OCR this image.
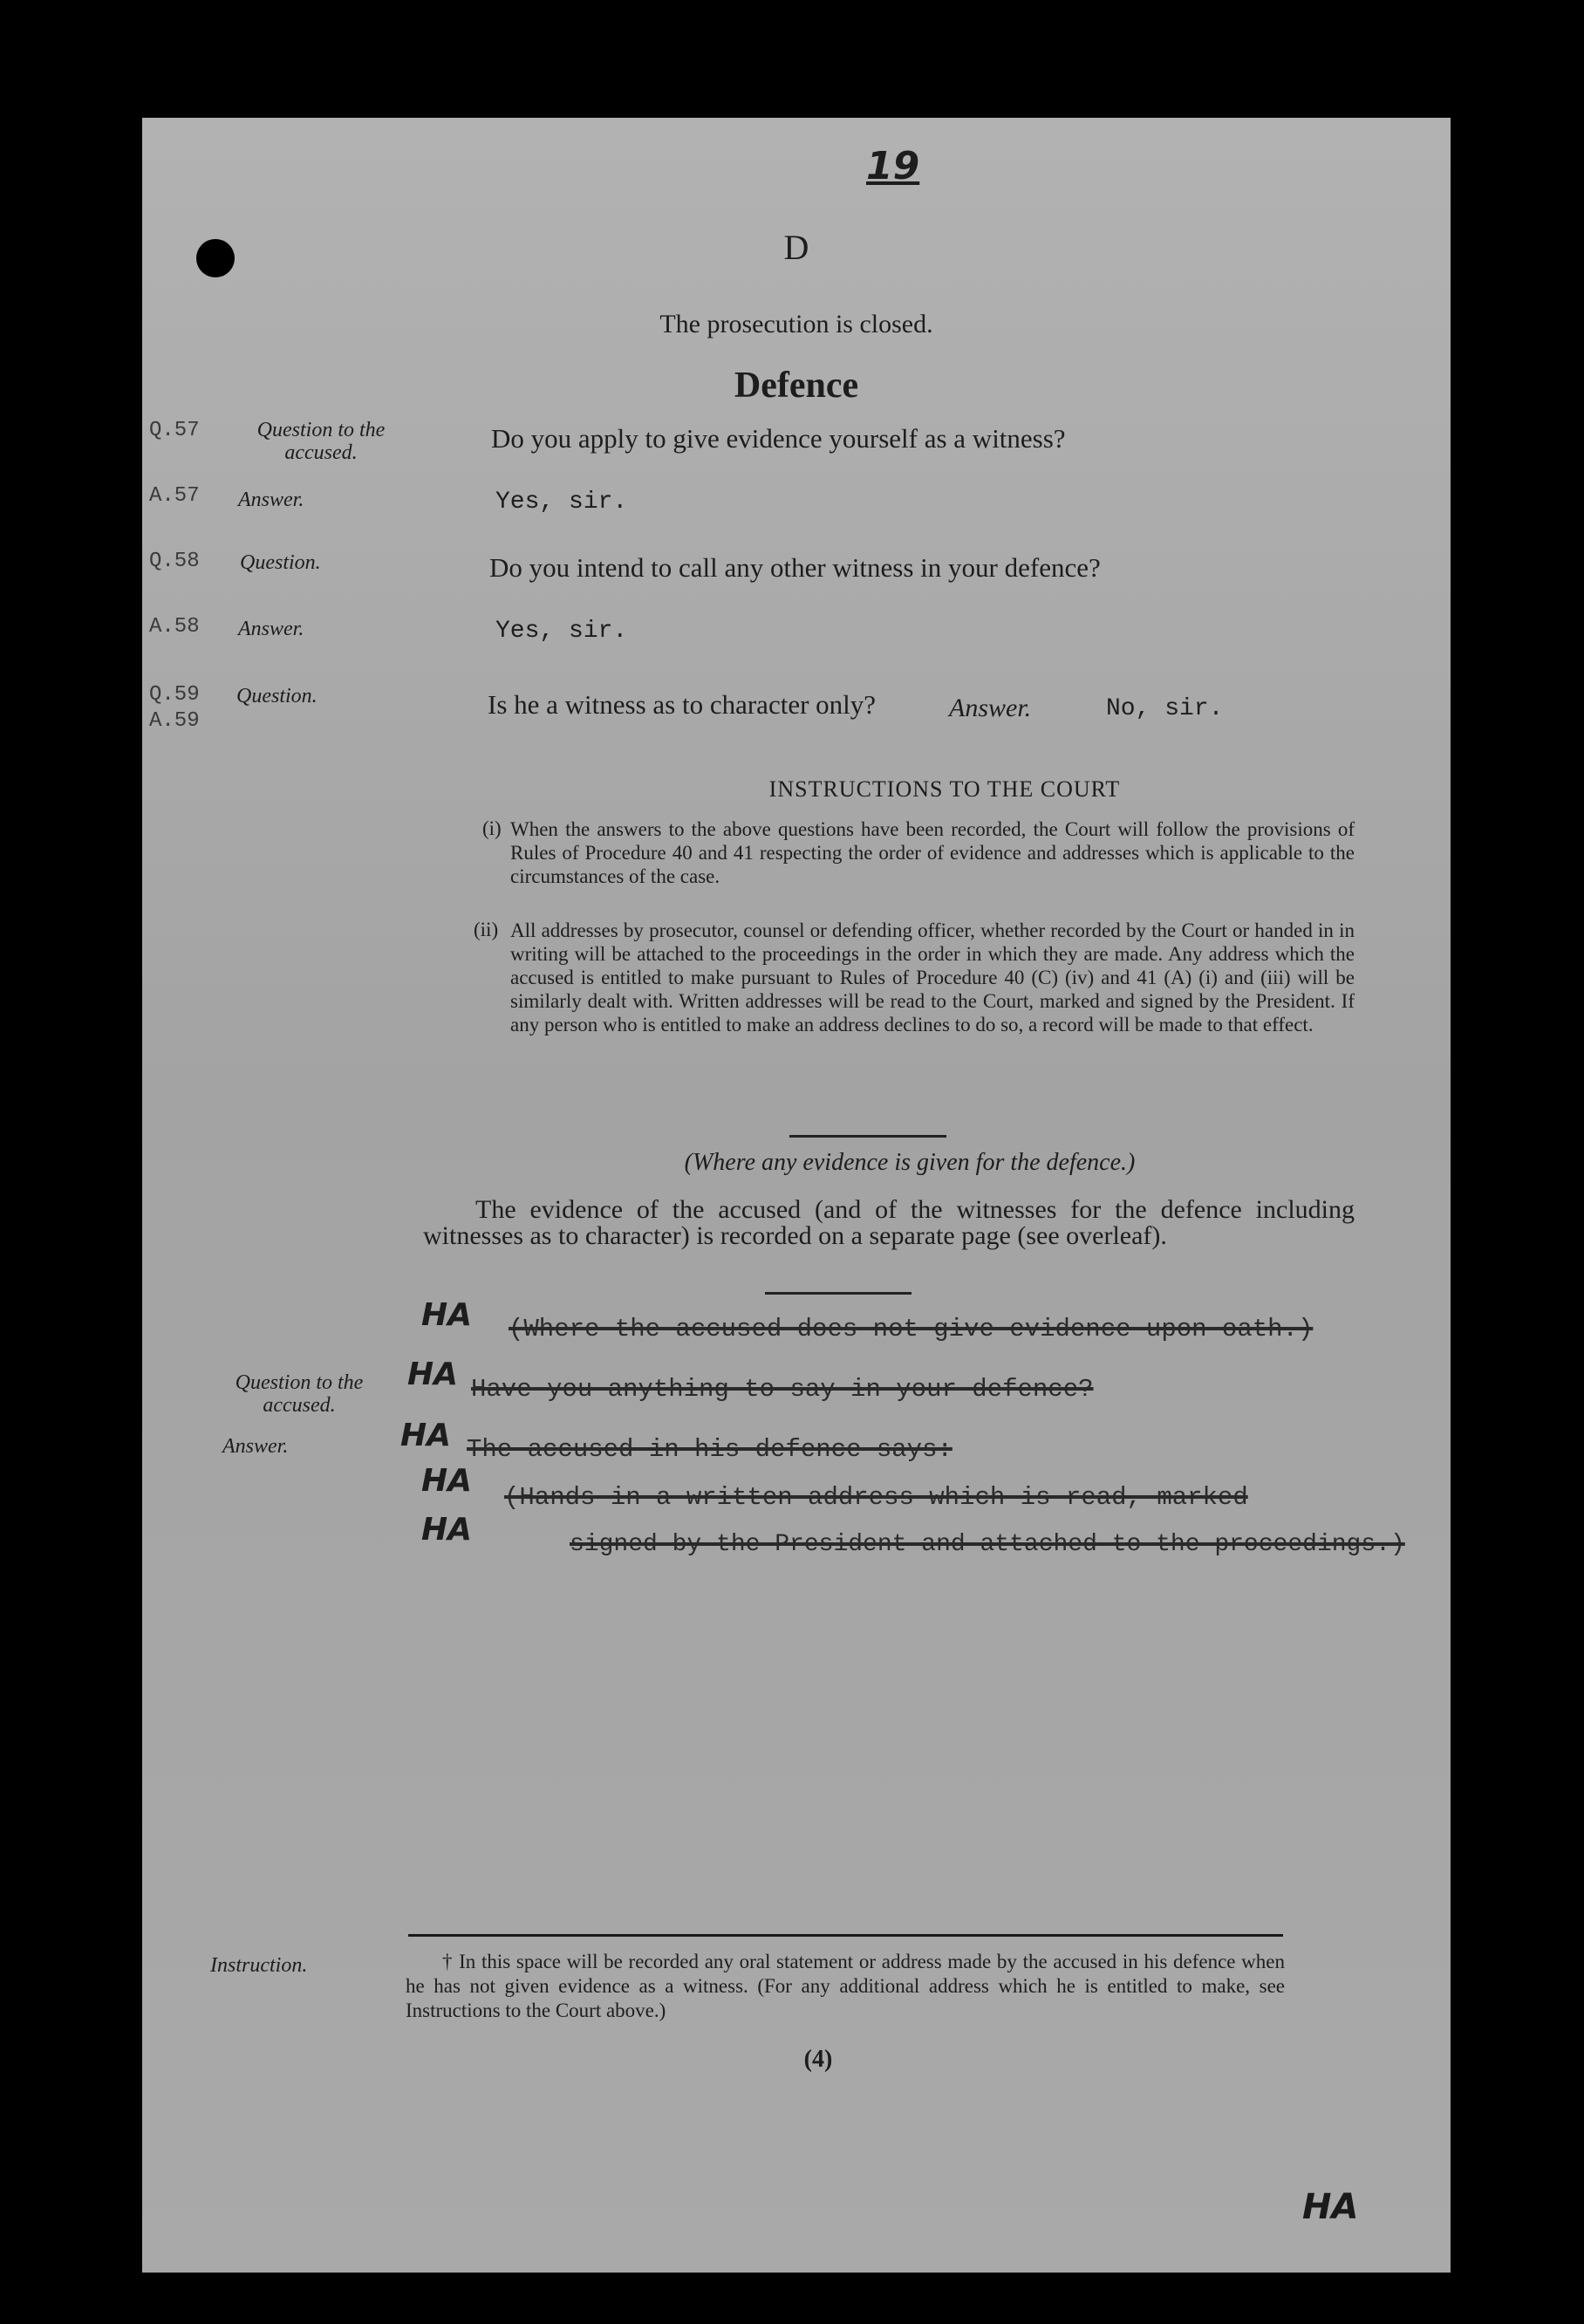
19
D
The prosecution is closed.
Defence
Q.57	Question to the accused.	Do you apply to give evidence yourself as a witness?
A.57 Answer.	Yes, sir.
Q.58 Question.	Do you intend to call any other witness in your defence?
A.58 Answer.	Yes, sir.
Q.59
A.59
Question.	Is he a witness as to character only?	Answer.	No, sir.
INSTRUCTIONS TO THE COURT
(i) When the answers to the above questions have been recorded, the Court will follow the provisions of Rules of Procedure 40 and 41 respecting the order of evidence and addresses which is applicable to the circumstances of the case.

(ii) All addresses by prosecutor, counsel or defending officer, whether recorded by the Court or handed in in writing will be attached to the proceedings in the order in which they are made. Any address which the accused is entitled to make pursuant to Rules of Procedure 40 (C) (iv) and 41 (A) (i) and (iii) will be similarly dealt with. Written addresses will be read to the Court, marked and signed by the President. If any person who is entitled to make an address declines to do so, a record will be made to that effect.

(Where any evidence is given for the defence.)
The evidence of the accused (and of the witnesses for the defence including witnesses as to character) is recorded on a separate page (see overleaf).
HA (Where the accused does not give evidence upon oath.)
Question to the accused.
HA Have you anything to say in your defence?
Answer.	HA The accused in his defence says:
HA (Hands in a written address which is read, marked
HA	signed by the President and attached to the proceedings.)
Instruction.	† In this space will be recorded any oral statement or address made by the accused in his defence when he has not given evidence as a witness. (For any additional address which he is entitled to make, see Instructions to the Court above.)
(4)
HA
